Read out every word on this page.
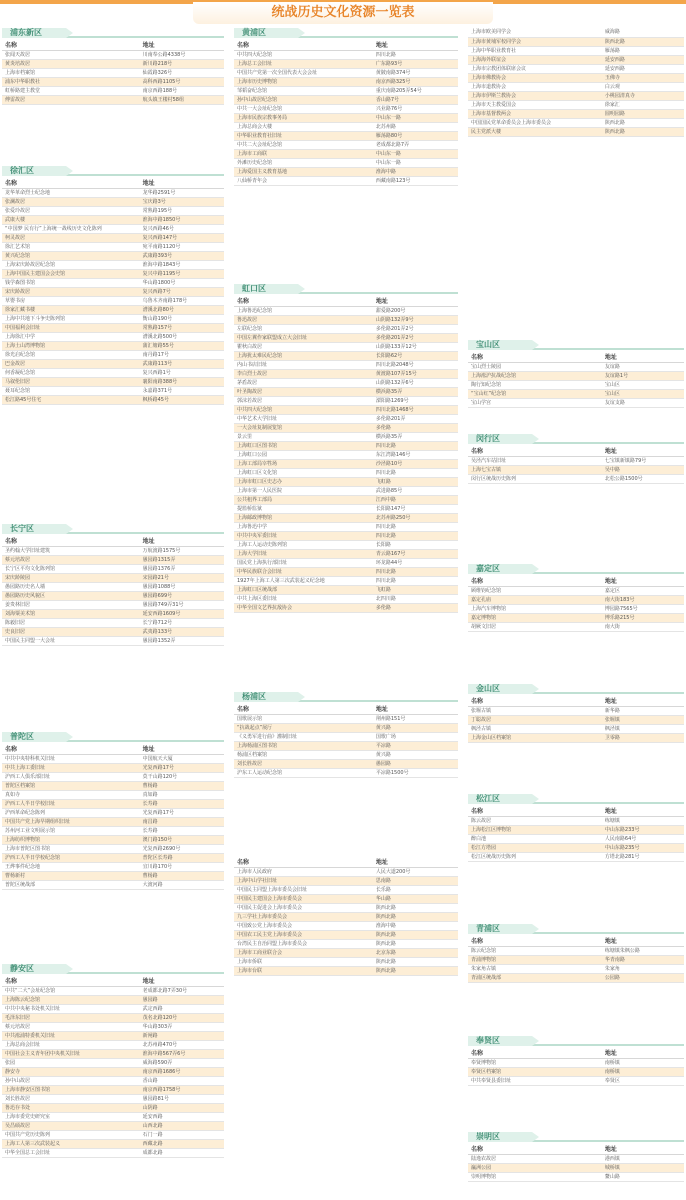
统战历史文化资源一览表
浦东新区
名称	地址
张闻天故居	川南奉公路4338号
黄炎培故居	新川路218号
上海市档案馆	仙霞路326号
浦东中华职教社	高科西路1105号
虹桥路建主教堂	南京西路188号
傅雷故居	航头镇王楼村58组
徐汇区
名称	地址
龙华革命烈士纪念地	龙华路2591号
张澜故居	宝庆路3号
张爱玲故居	常熟路195号
武康大楼	淮海中路1850号
“中国梦 民有行”上海统一战线历史文化陈列	复兴西路46号
柯灵故居	复兴西路147号
徐汇艺术馆	宛平南路1120号
黄兴纪念馆	武康路393号
上海宋庆龄故居纪念馆	淮海中路1843号
上海中国民主建国会会史馆	复兴中路1195号
钱学森图书馆	华山路1800号
宋庆龄故居	复兴西路7号
草婴书房	乌鲁木齐南路178号
徐家汇藏书楼	漕溪北路80号
上海中共地下斗争史陈列馆	衡山路190号
中国福利会旧址	常熟路157号
上海徐汇中学	漕溪北路500号
上海土山湾博物馆	蒲汇塘路55号
徐光启纪念馆	南丹路17号
巴金故居	武康路113号
何香凝纪念馆	复兴西路1号
马叙伦旧居	襄阳南路388号
聂耳纪念馆	永嘉路371号
松江路45号住宅	枫桥路45号
长宁区
名称	地址
圣约翰大学旧址建筑	万航渡路1575号
蔡元培故居	愚园路1315弄
长宁区平均文化陈列馆	愚园路1376弄
宋庆龄陵园	宋园路21号
愚园路历史名人墙	愚园路1088号
愚园路历史风貌区	愚园路699号
姜贵林旧居	愚园路749弄31号
刘海粟美术馆	延安西路1609号
陈毅旧居	长宁路712号
史良旧居	武夷路133号
中国民主同盟一大会址	愚园路1352弄
普陀区
名称	地址
中共中央特科机关旧址	中国航天大厦
中共上海工委旧址	光复西路17号
沪西工人俱乐部旧址	莫干山路120号
普陀区档案馆	曹杨路
真如寺	真如路
沪西工人半日学校旧址	长寿路
沪西革命纪念陈列	光复西路17号
中国共产党上海早期组织旧址	南昌路
苏州河工业文明展示馆	长寿路
上海纺织博物馆	澳门路150号
上海市普陀区图书馆	光复西路2690号
沪西工人半日学校纪念馆	普陀区长寿路
王烨事件纪念地	宜川路170号
曹杨新村	曹杨路
普陀区统战部	大渡河路
静安区
名称	地址
中共“二大”会址纪念馆	老成都北路7弄30号
上海陈云纪念馆	愚园路
中共中央秘书处机关旧址	武定西路
毛泽东旧居	茂名北路120号
蔡元培故居	华山路303弄
中共淞浦特委机关旧址	新闸路
上海总商会旧址	北苏州路470号
中国社会主义青年团中央机关旧址	淮海中路567弄6号
张园	威海路590弄
静安寺	南京西路1686号
孙中山故居	香山路
上海市静安区图书馆	南京西路1758号
刘长胜故居	愚园路81号
鲁迅存书处	山阴路
上海市委党史研究室	延安西路
吴昌硕故居	山西北路
中国共产党历史陈列	石门一路
上海工人第三次武装起义	西藏北路
中华全国总工会旧址	成都北路
黄浦区
名称	地址
中共四大纪念馆	四川北路
上海总工会旧址	广东路93号
中国共产党第一次全国代表大会会址	黄陂南路374号
上海市历史博物馆	南京西路325号
邹韬奋纪念馆	重庆南路205弄54号
孙中山故居纪念馆	香山路7号
中共一大会址纪念馆	兴业路76号
上海市民族宗教事务局	中山东一路
上海总商会大楼	北苏州路
中华职业教育社旧址	雁荡路80号
中共二大会址纪念馆	老成都北路7弄
上海市工商联	中山东一路
外滩历史纪念馆	中山东一路
上海爱国主义教育基地	淮海中路
八仙桥青年会	西藏南路123号
虹口区
名称	地址
上海鲁迅纪念馆	甜爱路200号
鲁迅故居	山阴路132弄9号
左联纪念馆	多伦路201弄2号
中国左翼作家联盟成立大会旧址	多伦路201弄2号
瞿秋白故居	山阴路133弄12号
上海犹太难民纪念馆	长阳路62号
内山书店旧址	四川北路2048号
李白烈士故居	黄渡路107弄15号
茅盾故居	山阴路132弄6号
叶圣陶故居	横浜路35弄
郭沫若故居	溧阳路1269号
中共四大纪念馆	四川北路1468号
中华艺术大学旧址	多伦路201弄
一大会址复制展览馆	多伦路
景云里	横浜路35弄
上海虹口区图书馆	四川北路
上海虹口公园	东江湾路146号
上海工部局宰牲场	沙泾路10号
上海虹口区文化馆	四川北路
上海市虹口区史志办	飞虹路
上海市第一人民医院	武进路85号
公共租界工部局	江西中路
提篮桥监狱	长阳路147号
上海邮政博物馆	北苏州路250号
上海鲁迅中学	四川北路
中共中央军委旧址	四川北路
上海工人运动史陈列馆	长阳路
上海大学旧址	青云路167号
国民党上海执行部旧址	环龙路44号
中华民族联合会旧址	四川北路
1927年上海工人第三次武装起义纪念地	四川北路
上海虹口区统战部	飞虹路
中共上海区委旧址	北四川路
中华全国文艺界抗敌协会	多伦路
杨浦区
名称	地址
国歌展示馆	荆州路151号
“抗战起点”展厅	黄兴路
《义勇军进行曲》灌制旧址	国歌广场
上海杨浦区图书馆	平凉路
杨浦区档案馆	黄兴路
刘长胜故居	愚园路
沪东工人运动纪念馆	平凉路1500号
名称	地址
上海市人民政府	人民大道200号
上海中山学社旧址	思南路
中国民主同盟上海市委员会旧址	长乐路
中国民主建国会上海市委员会	华山路
中国民主促进会上海市委员会	陕西北路
九三学社上海市委员会	陕西北路
中国致公党上海市委员会	淮海中路
中国农工民主党上海市委员会	陕西北路
台湾民主自治同盟上海市委员会	陕西北路
上海市工商业联合会	北京东路
上海市侨联	陕西北路
上海市台联	陕西北路
上海市欧美同学会	威海路
上海市黄埔军校同学会	陕西北路
上海中华职业教育社	雁荡路
上海海外联谊会	延安西路
上海市宗教团体联席会议	延安西路
上海市佛教协会	玉佛寺
上海市道教协会	白云观
上海市伊斯兰教协会	小桃园清真寺
上海市天主教爱国会	徐家汇
上海市基督教两会	圆明园路
中国国民党革命委员会上海市委员会	陕西北路
民主党派大楼	陕西北路
宝山区
名称	地址
宝山烈士陵园	友谊路
上海淞沪抗战纪念馆	友谊路1号
陶行知纪念馆	宝山区
“宝山红”纪念馆	宝山区
宝山学宫	友谊支路
闵行区
名称	地址
吴泾汽车站旧址	七宝镇新镇路79号
上海七宝古镇	吴中路
闵行区统战历史陈列	北松公路1500号
嘉定区
名称	地址
顾维钧纪念馆	嘉定区
嘉定孔庙	南大街183号
上海汽车博物馆	博园路7565号
嘉定博物馆	博乐路215号
胡厥文旧居	南大街
金山区
名称	地址
张堰古镇	新华路
丁聪故居	张堰镇
枫泾古镇	枫泾镇
上海金山区档案馆	卫零路
松江区
名称	地址
陈云故居	练塘镇
上海松江区博物馆	中山东路233号
醉白池	人民南路64号
松江方塔园	中山东路235号
松江区统战历史陈列	方塔北路281号
青浦区
名称	地址
陈云纪念馆	练塘镇朱枫公路
青浦博物馆	华青南路
朱家角古镇	朱家角
青浦区统战部	公园路
奉贤区
名称	地址
奉贤博物馆	南桥镇
奉贤区档案馆	南桥镇
中共奉贤县委旧址	奉贤区
崇明区
名称	地址
陆逸农故居	港西镇
瀛洲公园	城桥镇
崇明博物馆	鳌山路
